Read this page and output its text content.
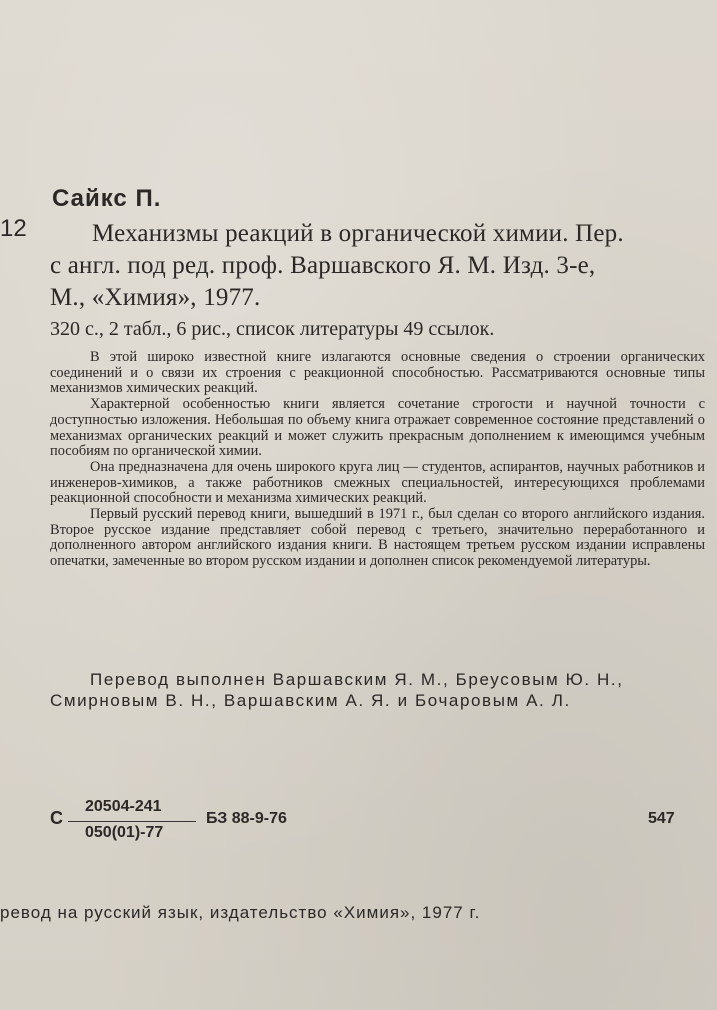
Сайкс П.
12	Механизмы реакций в органической химии. Пер.
с англ. под ред. проф. Варшавского Я. М. Изд. 3-е,
М., «Химия», 1977.
320 с., 2 табл., 6 рис., список литературы 49 ссылок.

В этой широко известной книге излагаются основные сведения о строении органических соединений и о связи их строения с реакционной способностью. Рассматриваются основные типы механизмов химических реакций.

Характерной особенностью книги является сочетание строгости и научной точности с доступностью изложения. Небольшая по объему книга отражает современное состояние представлений о механизмах органических реакций и может служить прекрасным дополнением к имеющимся учебным пособиям по органической химии.

Она предназначена для очень широкого круга лиц — студентов, аспирантов, научных работников и инженеров-химиков, а также работников смежных специальностей, интересующихся проблемами реакционной способности и механизма химических реакций.

Первый русский перевод книги, вышедший в 1971 г., был сделан со второго английского издания. Второе русское издание представляет собой перевод с третьего, значительно переработанного и дополненного автором английского издания книги. В настоящем третьем русском издании исправлены опечатки, замеченные во втором русском издании и дополнен список рекомендуемой литературы.

Перевод выполнен Варшавским Я. М., Бреусовым Ю. Н., Смирновым В. Н., Варшавским А. Я. и Бочаровым А. Л.

С
20504-241
050(01)-77
БЗ 88-9-76	547
ревод на русский язык, издательство «Химия», 1977 г.
